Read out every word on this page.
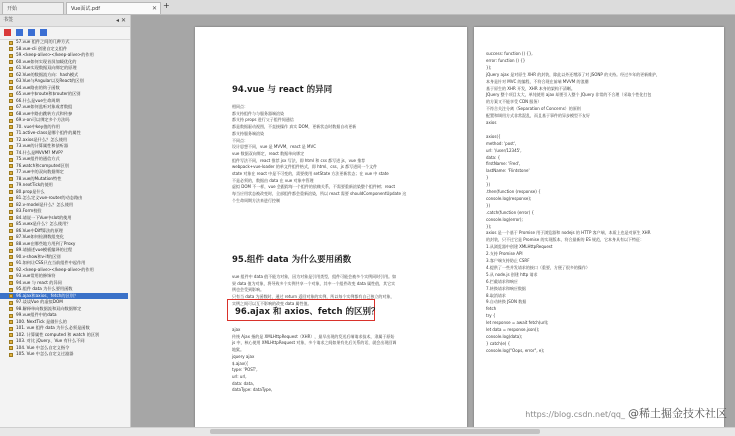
开始	Vue面试.pdf	✕ +
书签	◂ ✕
57.vue 组件之间的几种方式
58.vue-cli 创建自定义组件
59.<keep-alive></keep-alive>的作用
60.vue如何实现首屏加载优化的
61.Vue实现数据双向绑定的原理
62.Vue的数据流方向：hash模式
63.Vue与Angular以及React的区别
64.vue路由的钩子函数
65.vue中$route和$router的区别
66.什么是vue生命周期
67.vue如何监听对象或者数组
68.vue中路由跳转方式和传参
69.v-on可以绑定多个方法吗
70. vue中key值的作用
71.active-class是哪个组件的属性
72.axios是什么？怎么使用
73.vue的计算属性和侦听器
74.什么是MVVM? MVP?
75.vue组件的通信方式
76.watch和computed区别
77.vue中的双向数据绑定
78.vue的Mutation特性
79.nextTick的使用
80.prop是什么
81.怎么定义vue-router的动态路由
82.v-model是什么？怎么使用
83.Form校验
84.请说一下Vue中slot的使用
85.vuex是什么？怎么使用？
86.Vue中Diff算法的原理
87.Vue如何检测数组变化
88.vue在哪些地方用到了Proxy
89.请描述vue模板编译的过程
90.v-show和v-if的区别
91.如何让CSS只在当前组件中起作用
92.<keep-alive></keep-alive>的作用
93.vue常用的修饰符
94.vue 与 react 的异同
95.组件 data 为什么要用函数
96.ajax和axios、fetch的区别？
97.谈谈Vue 的虚拟DOM
98.解释单向数据流和双向数据绑定
99.vue组件中的data
100. NextTick 是做什么的
101. vue 组件 data 为什么必须是函数
102. 计算属性 computed 和 watch 的区别
103. 对比 jQuery、Vue 有什么不同
104. Vue 中怎么自定义指令
105. Vue 中怎么自定义过滤器
94.vue 与 react 的异同
相同点：
都支持组件与与服务器端渲染
都支持 props 进行父子组件间通信
都是数据驱动视图，不直接操作 真实 DOM，更新状态时数据自动更新
都支持服务端渲染
不同点：
设计思想不同，vue 是 MVVM，react 是 MVC
vue 数据双向绑定，react 数据单向绑定
组件写法不同，react 推荐 jsx 写法，即 html 和 css 都写进 js，vue 推荐
webpack+vue-loader 的单文件组件格式，即 html、css、js 都写进同一个文件
state 对象在 react 中是不可变的，需要使用 setState 方法更新状态；在 vue 中 state
不是必须的，数据由 data 在 vue 对象中管理
虚拟 DOM 不一样，vue 会跟踪每一个组件的依赖关系，不需要重新渲染整个组件树；react
每当应用状态被改变时，全部组件都会重新渲染，所以 react 需要 shouldComponentUpdate 这
个生命周期方法来进行控制
95.组件 data 为什么要用函数
vue 组件中 data 值不能为对象，因为对象是引用类型，组件可能会被多个实例同时引用。如
果 data 值为对象，将导致多个实例共享一个对象，其中一个组件改变 data 属性值，其它实
例也会受到影响。
只有当 data 为函数时，通过 return 返回对象的实例，所以每个实例都有自己独立的对象，
实例之间可以互不影响的改变 data 属性值。
96.ajax 和 axios、fetch 的区别？
ajax
传统 Ajax 指的是 XMLHttpRequest（XHR），最早出现的发送后端请求技术，隶属于原始
js 中，核心使用 XMLHttpRequest 对象，多个请求之间如果有先后关系的话，就会出现回调
地狱。
jquery ajax
$.ajax({
type: 'POST',
url: url,
data: data,
dataType: dataType,
success: function () {},
error: function () {}
});
jQuery ajax 是对原生 XHR 的封装，除此以外还增添了对 JSONP 的支持。经过多年的更新维护，
本身是针对 MVC 的编程，不符合现在前端 MVVM 的浪潮
基于原生的 XHR 开发，XHR 本身的架构不清晰。
JQuery 整个项目太大，单纯使用 ajax 却要引入整个 JQuery 非常的不合理（采取个性化打包
的方案又不能享受 CDN 服务）
不符合关注分离（Separation of Concerns）的原则
配置和调用方式非常混乱，而且基于事件的异步模型不友好
axios
axios({
method: 'post',
url: '/user/12345',
data: {
firstName: 'Fred',
lastName: 'Flintstone'
}
})
.then(function (response) {
console.log(response);
})
.catch(function (error) {
console.log(error);
});
axios 是一个基于 Promise 用于浏览器和 nodejs 的 HTTP 客户端，本质上也是对原生 XHR
的封装，只不过它是 Promise 的实现版本，符合最新的 ES 规范，它本身具有以下特征：
1.从浏览器中创建 XMLHttpRequest
2.支持 Promise API
3.客户端支持防止 CSRF
4.提供了一些并发请求的接口（重要，方便了很多的操作）
5.从 node.js 创建 http 请求
6.拦截请求和响应
7.转换请求和响应数据
8.取消请求
9.自动转换 JSON 数据
fetch
try {
let response = await fetch(url);
let data = response.json();
console.log(data);
} catch(e) {
console.log("Oops, error", e);
https://blog.csdn.net/qq_ @稀土掘金技术社区
